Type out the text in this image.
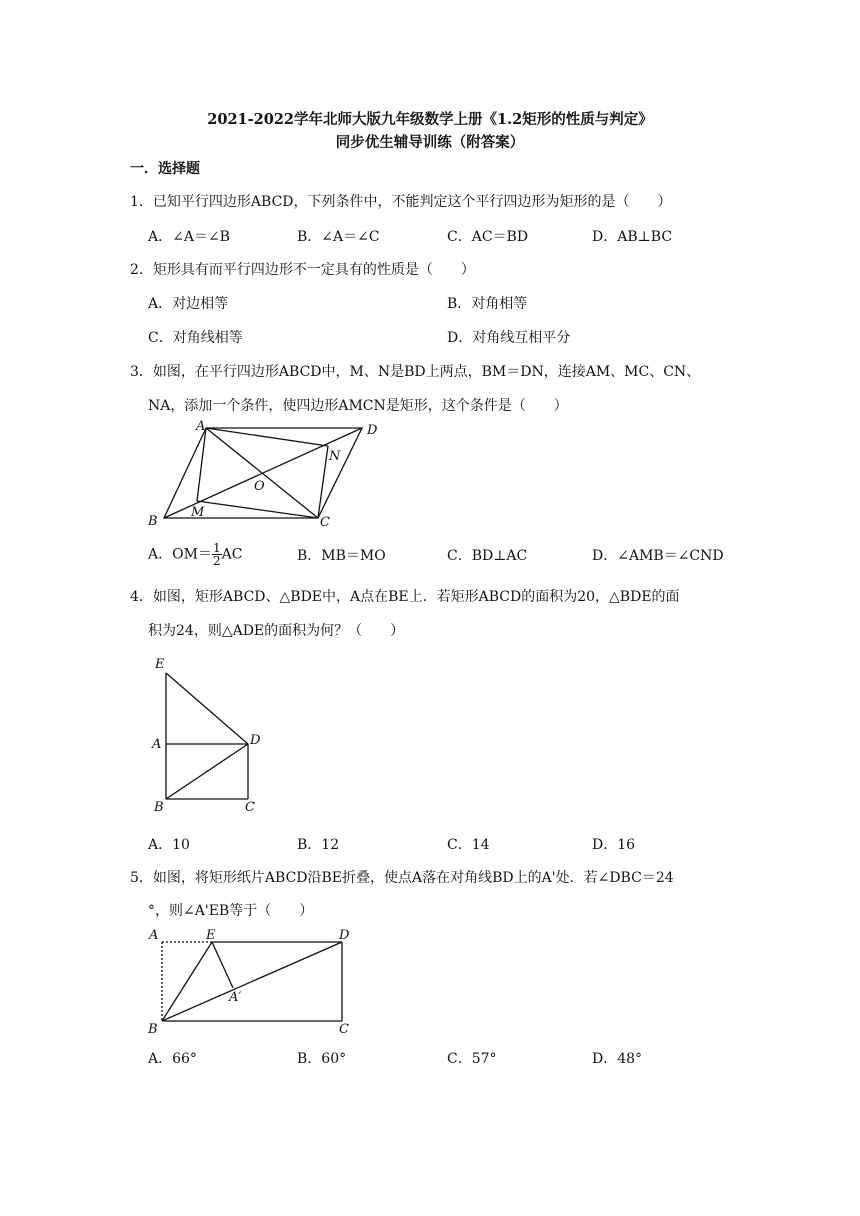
2021-2022学年北师大版九年级数学上册《1.2矩形的性质与判定》
同步优生辅导训练（附答案）
一．选择题
1．已知平行四边形ABCD，下列条件中，不能判定这个平行四边形为矩形的是（　　）
A．∠A＝∠B	B．∠A＝∠C	C．AC＝BD	D．AB⊥BC
2．矩形具有而平行四边形不一定具有的性质是（　　）
A．对边相等	B．对角相等
C．对角线相等	D．对角线互相平分
3．如图，在平行四边形ABCD中，M、N是BD上两点，BM＝DN，连接AM、MC、CN、
NA，添加一个条件，使四边形AMCN是矩形，这个条件是（　　）
A	D
N
O
B
M
C
A．$OM= \frac{1}{2}$ AC	B．MB＝MO	C．BD⊥AC	D．∠AMB＝∠CND
4．如图，矩形ABCD、△BDE中，A点在BE上．若矩形ABCD的面积为20，△BDE的面
积为24，则△ADE的面积为何？（　　）
E
A	D
B	C
A．10	B．12	C．14	D．16
5．如图，将矩形纸片ABCD沿BE折叠，使点A落在对角线BD上的A'处．若∠DBC＝24
°，则∠A'EB等于（　　）
A	E	D
A′
B	C
A．66°	B．60°	C．57°	D．48°
